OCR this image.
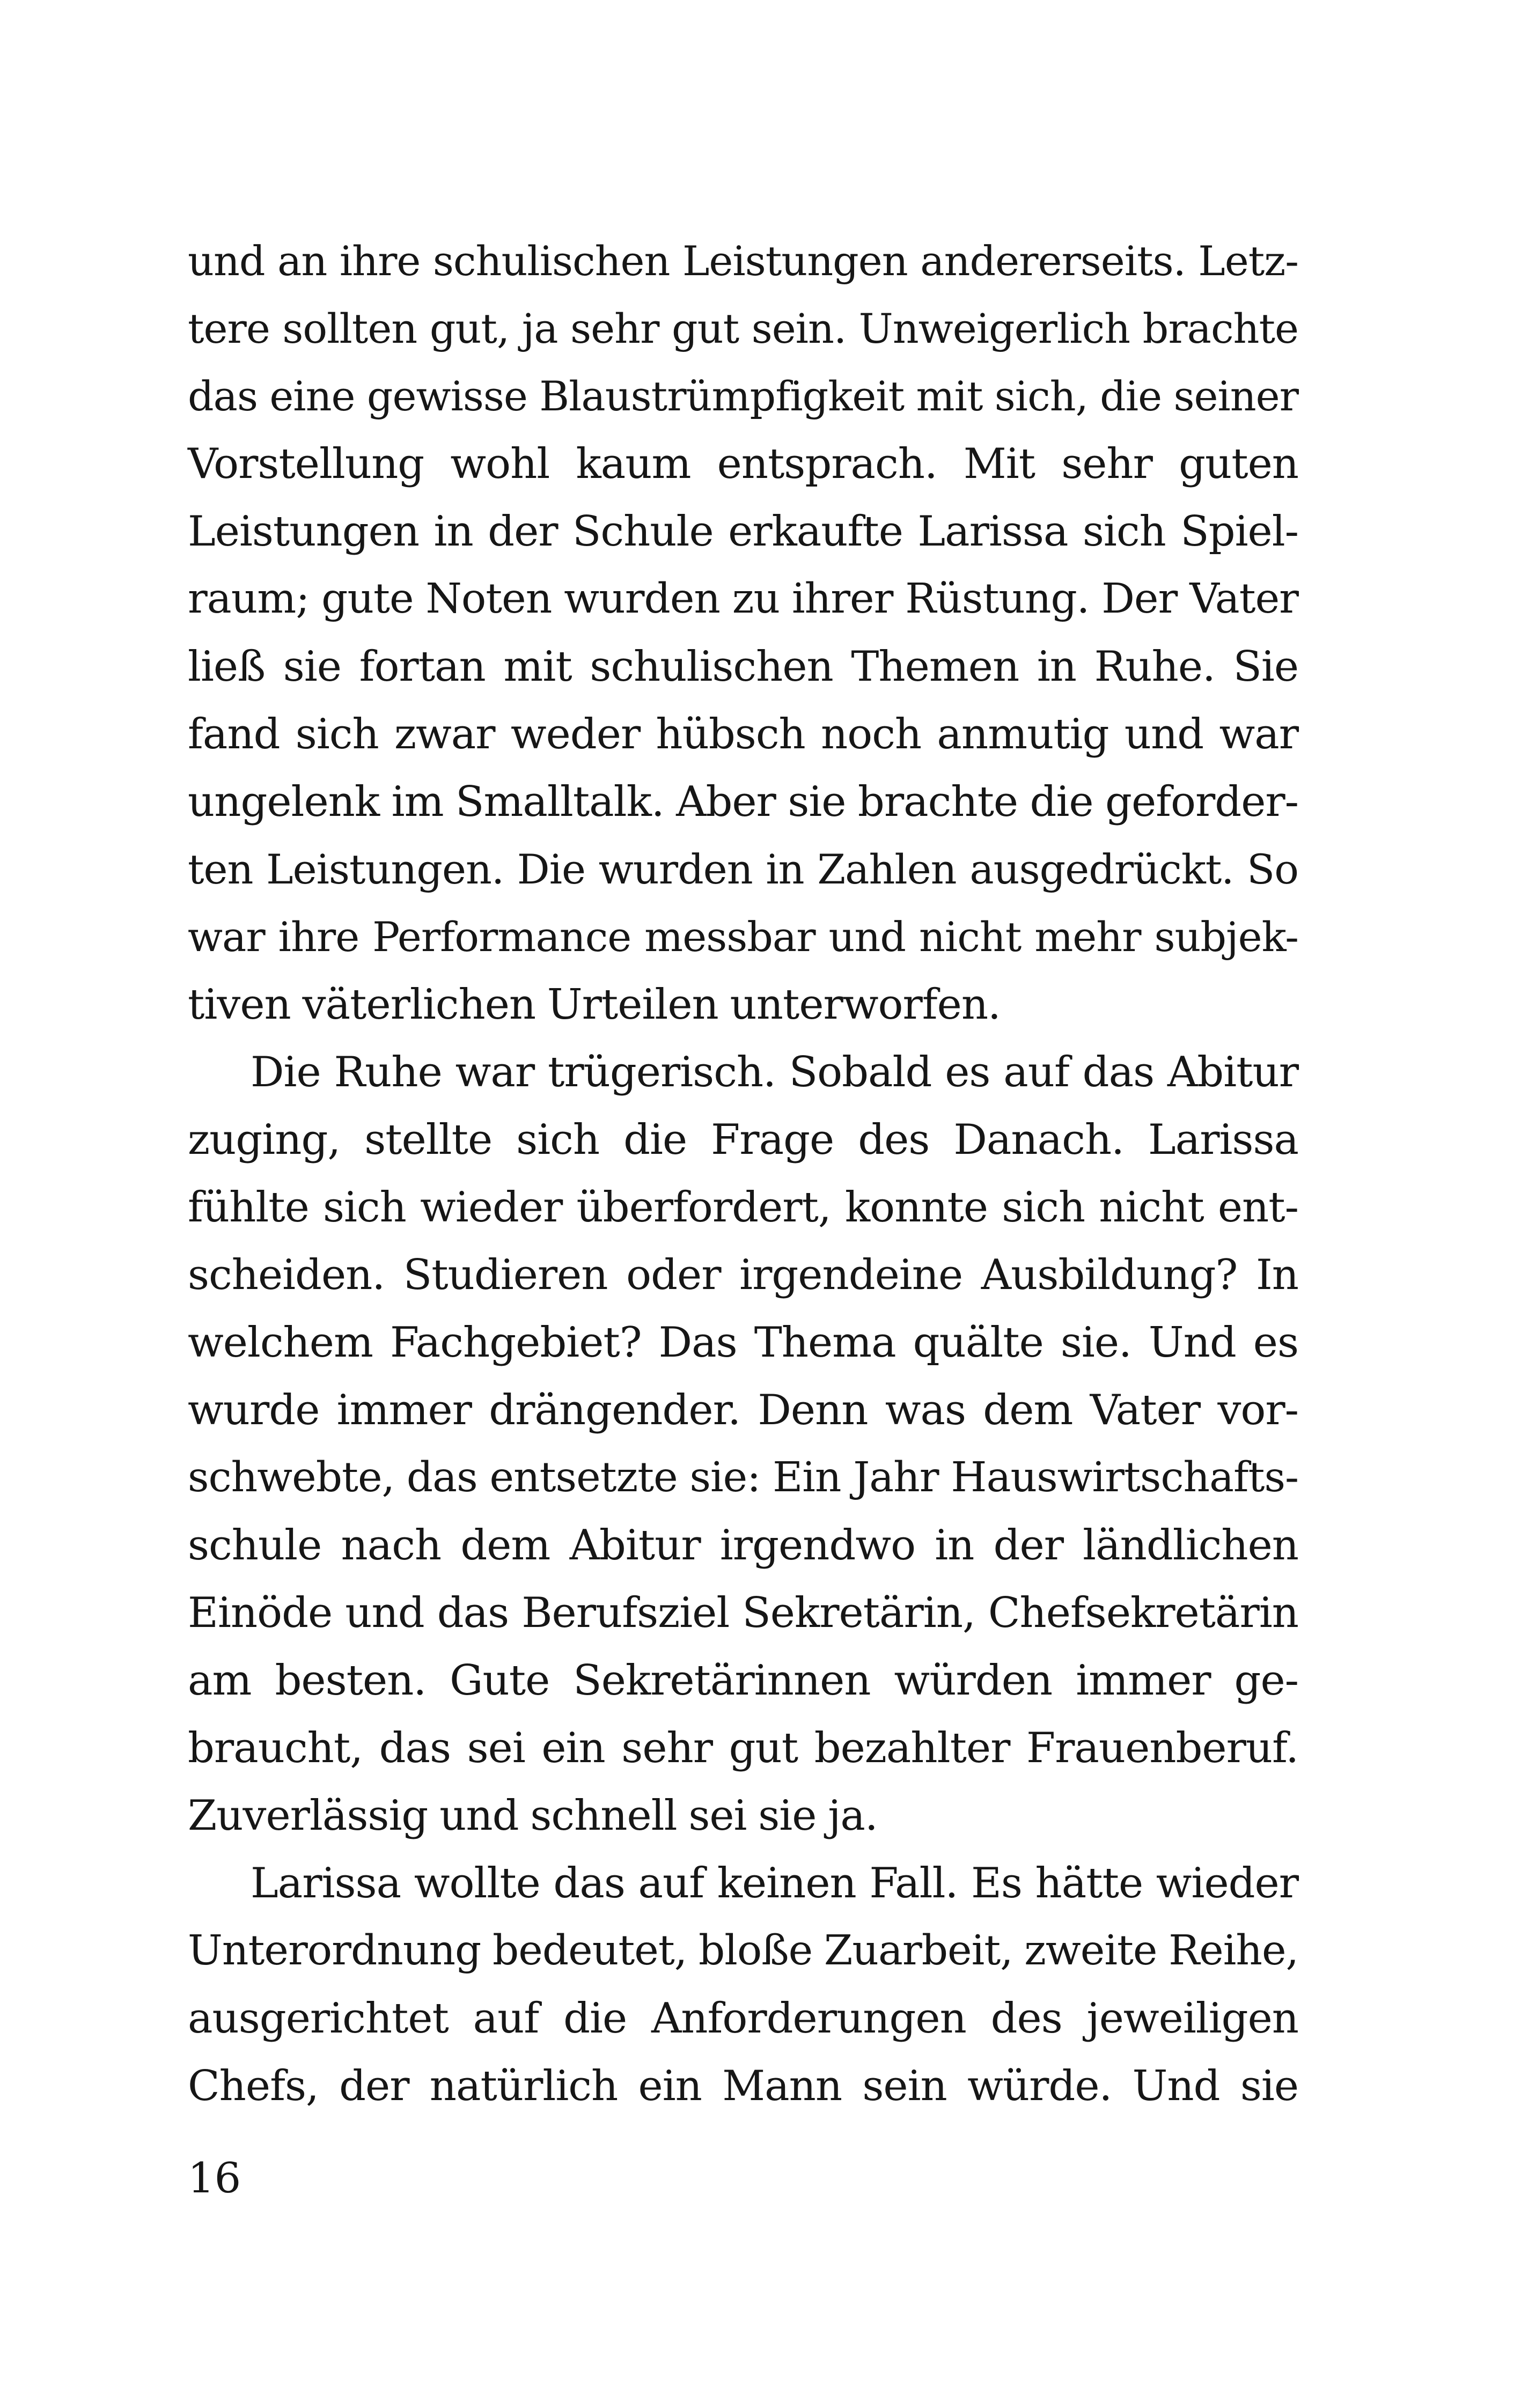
und an ihre schulischen Leistungen andererseits. Letz-
tere sollten gut, ja sehr gut sein. Unweigerlich brachte
das eine gewisse Blaustrümpfigkeit mit sich, die seiner
Vorstellung wohl kaum entsprach. Mit sehr guten
Leistungen in der Schule erkaufte Larissa sich Spiel-
raum; gute Noten wurden zu ihrer Rüstung. Der Vater
ließ sie fortan mit schulischen Themen in Ruhe. Sie
fand sich zwar weder hübsch noch anmutig und war
ungelenk im Smalltalk. Aber sie brachte die geforder-
ten Leistungen. Die wurden in Zahlen ausgedrückt. So
war ihre Performance messbar und nicht mehr subjek-
tiven väterlichen Urteilen unterworfen.
Die Ruhe war trügerisch. Sobald es auf das Abitur
zuging, stellte sich die Frage des Danach. Larissa
fühlte sich wieder überfordert, konnte sich nicht ent-
scheiden. Studieren oder irgendeine Ausbildung? In
welchem Fachgebiet? Das Thema quälte sie. Und es
wurde immer drängender. Denn was dem Vater vor-
schwebte, das entsetzte sie: Ein Jahr Hauswirtschafts-
schule nach dem Abitur irgendwo in der ländlichen
Einöde und das Berufsziel Sekretärin, Chefsekretärin
am besten. Gute Sekretärinnen würden immer ge-
braucht, das sei ein sehr gut bezahlter Frauenberuf.
Zuverlässig und schnell sei sie ja.
Larissa wollte das auf keinen Fall. Es hätte wieder
Unterordnung bedeutet, bloße Zuarbeit, zweite Reihe,
ausgerichtet auf die Anforderungen des jeweiligen
Chefs, der natürlich ein Mann sein würde. Und sie
16
